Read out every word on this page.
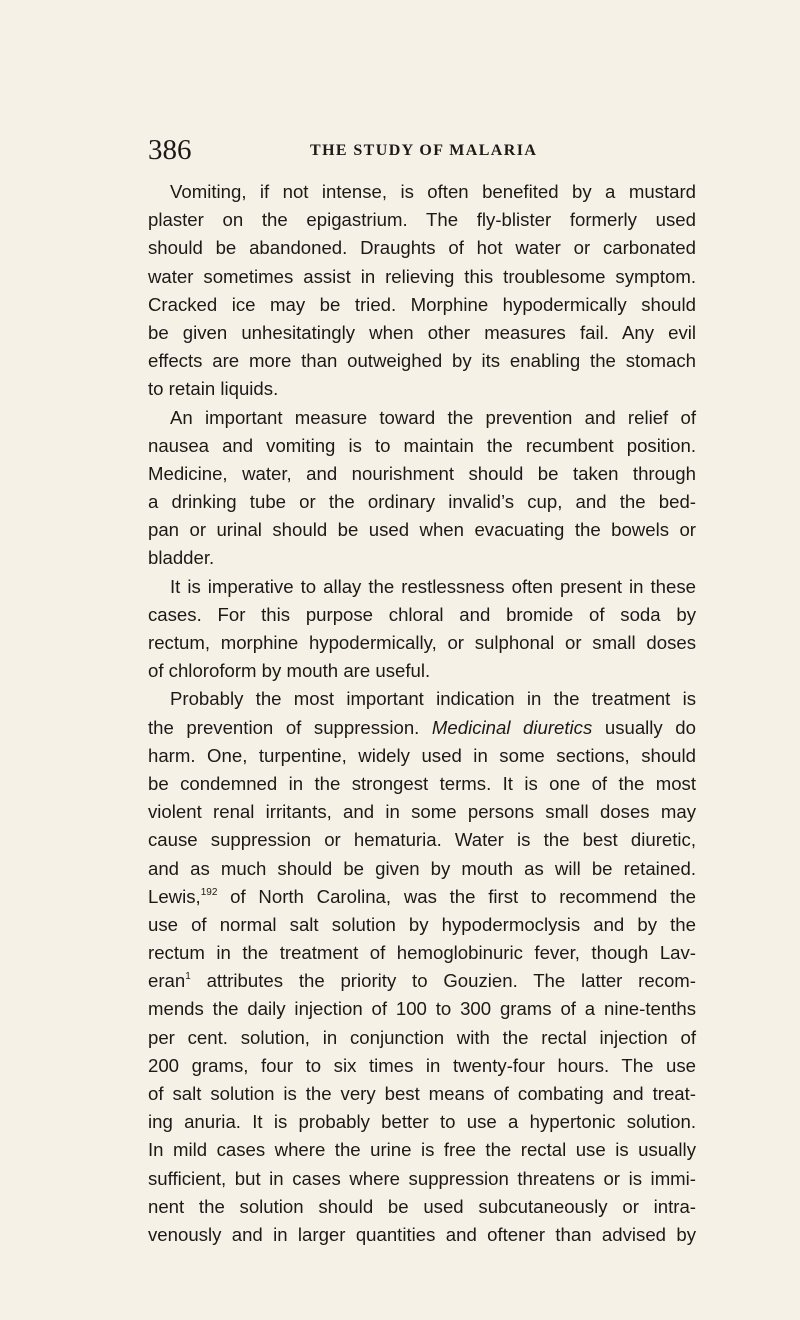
386	THE STUDY OF MALARIA
Vomiting, if not intense, is often benefited by a mustard
plaster on the epigastrium. The fly-blister formerly used
should be abandoned. Draughts of hot water or carbonated
water sometimes assist in relieving this troublesome symptom.
Cracked ice may be tried. Morphine hypodermically should
be given unhesitatingly when other measures fail. Any evil
effects are more than outweighed by its enabling the stomach
to retain liquids.
An important measure toward the prevention and relief of
nausea and vomiting is to maintain the recumbent position.
Medicine, water, and nourishment should be taken through
a drinking tube or the ordinary invalid’s cup, and the bed-
pan or urinal should be used when evacuating the bowels or
bladder.
It is imperative to allay the restlessness often present in these
cases. For this purpose chloral and bromide of soda by
rectum, morphine hypodermically, or sulphonal or small doses
of chloroform by mouth are useful.
Probably the most important indication in the treatment is
the prevention of suppression. Medicinal diuretics usually do
harm. One, turpentine, widely used in some sections, should
be condemned in the strongest terms. It is one of the most
violent renal irritants, and in some persons small doses may
cause suppression or hematuria. Water is the best diuretic,
and as much should be given by mouth as will be retained.
Lewis,$^{192}$ of North Carolina, was the first to recommend the
use of normal salt solution by hypodermoclysis and by the
rectum in the treatment of hemoglobinuric fever, though Lav-
eran$^1$ attributes the priority to Gouzien. The latter recom-
mends the daily injection of 100 to 300 grams of a nine-tenths
per cent. solution, in conjunction with the rectal injection of
200 grams, four to six times in twenty-four hours. The use
of salt solution is the very best means of combating and treat-
ing anuria. It is probably better to use a hypertonic solution.
In mild cases where the urine is free the rectal use is usually
sufficient, but in cases where suppression threatens or is immi-
nent the solution should be used subcutaneously or intra-
venously and in larger quantities and oftener than advised by
